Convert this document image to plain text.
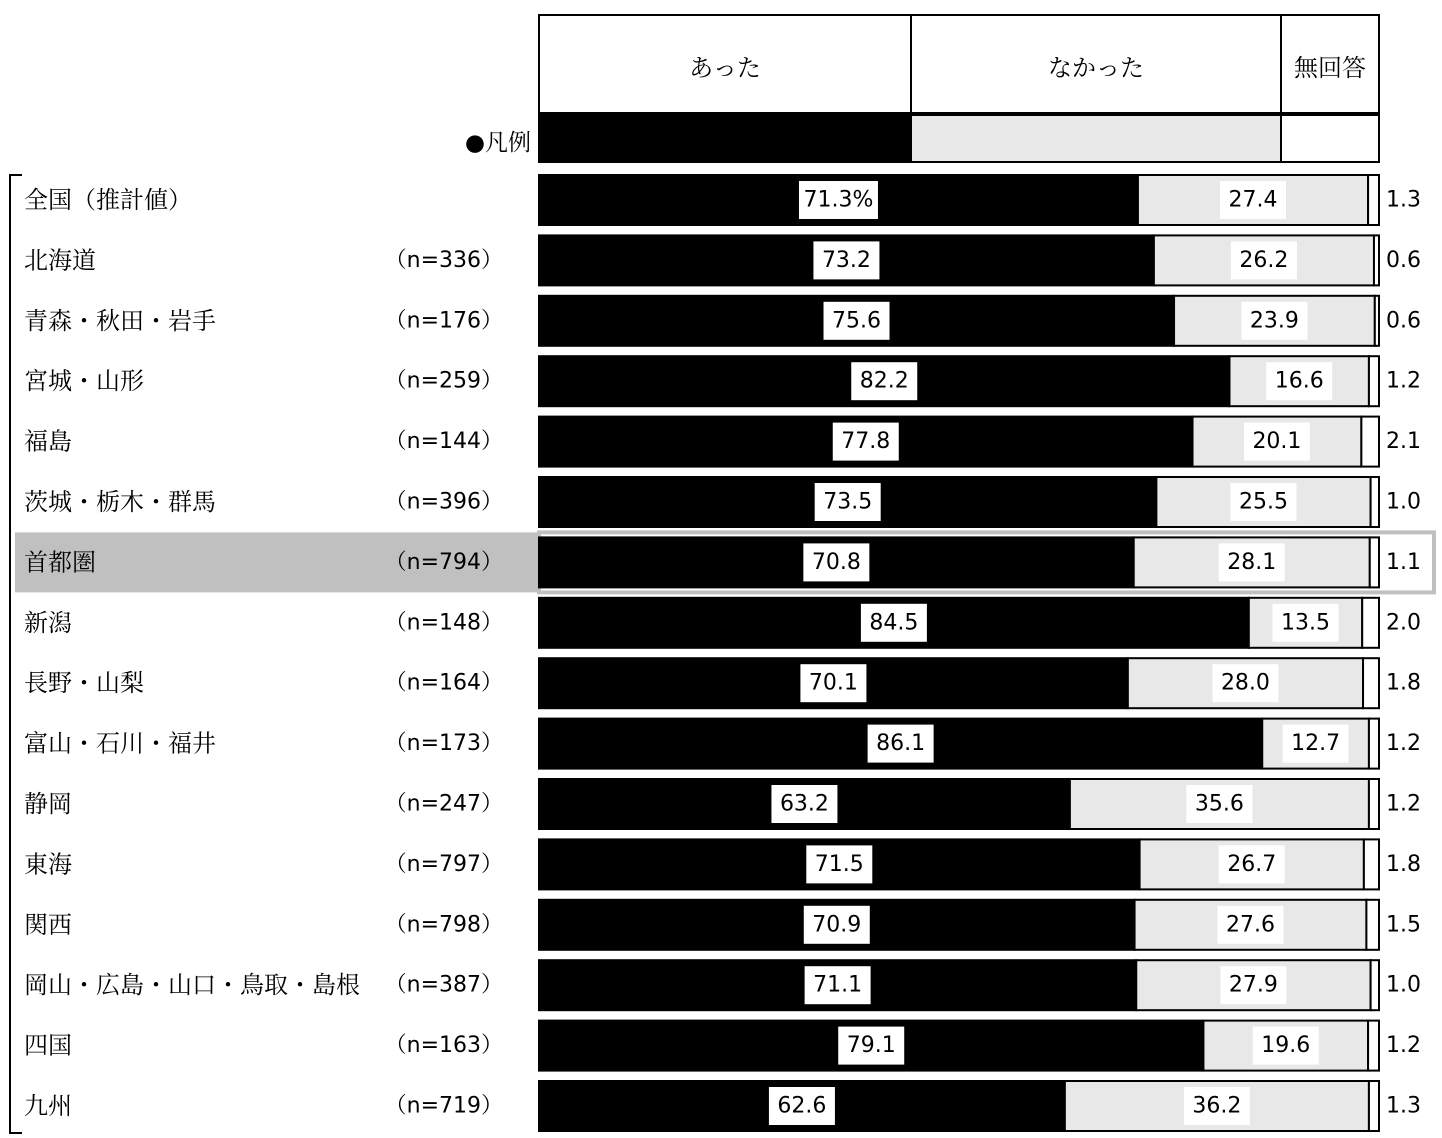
あった	なかった	無回答
●凡例
全国（推計値）	71.3%	27.4	1.3
北海道	（n=336）	73.2	26.2	0.6
青森・秋田・岩手	（n=176）	75.6	23.9	0.6
宮城・山形	（n=259）	82.2	16.6	1.2
福島	（n=144）	77.8	20.1	2.1
茨城・栃木・群馬	（n=396）	73.5	25.5	1.0
首都圏	（n=794）	70.8	28.1	1.1
新潟	（n=148）	84.5	13.5	2.0
長野・山梨	（n=164）	70.1	28.0	1.8
富山・石川・福井	（n=173）	86.1	12.7 1.2
静岡	（n=247）	63.2	35.6	1.2
東海	（n=797）	71.5	26.7	1.8
関西	（n=798）	70.9	27.6	1.5
岡山・広島・山口・鳥取・島根 （n=387）	71.1	27.9	1.0
四国	（n=163）	79.1	19.6	1.2
九州	（n=719）	62.6	36.2	1.3
